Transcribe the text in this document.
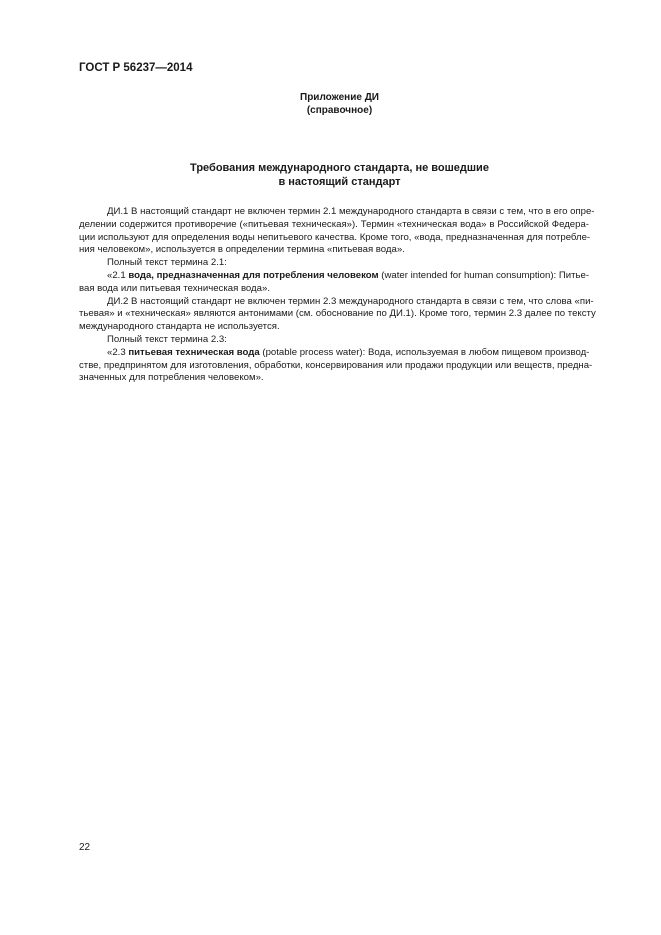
ГОСТ Р 56237—2014
Приложение ДИ
(справочное)
Требования международного стандарта, не вошедшие
в настоящий стандарт
ДИ.1 В настоящий стандарт не включен термин 2.1 международного стандарта в связи с тем, что в его опре-
делении содержится противоречие («питьевая техническая»). Термин «техническая вода» в Российской Федера-
ции используют для определения воды непитьевого качества. Кроме того, «вода, предназначенная для потребле-
ния человеком», используется в определении термина «питьевая вода».
Полный текст термина 2.1:
«2.1 вода, предназначенная для потребления человеком (water intended for human consumption): Питье-
вая вода или питьевая техническая вода».
ДИ.2 В настоящий стандарт не включен термин 2.3 международного стандарта в связи с тем, что слова «пи-
тьевая» и «техническая» являются антонимами (см. обоснование по ДИ.1). Кроме того, термин 2.3 далее по тексту
международного стандарта не используется.
Полный текст термина 2.3:
«2.3 питьевая техническая вода (potable process water): Вода, используемая в любом пищевом производ-
стве, предпринятом для изготовления, обработки, консервирования или продажи продукции или веществ, предна-
значенных для потребления человеком».
22
